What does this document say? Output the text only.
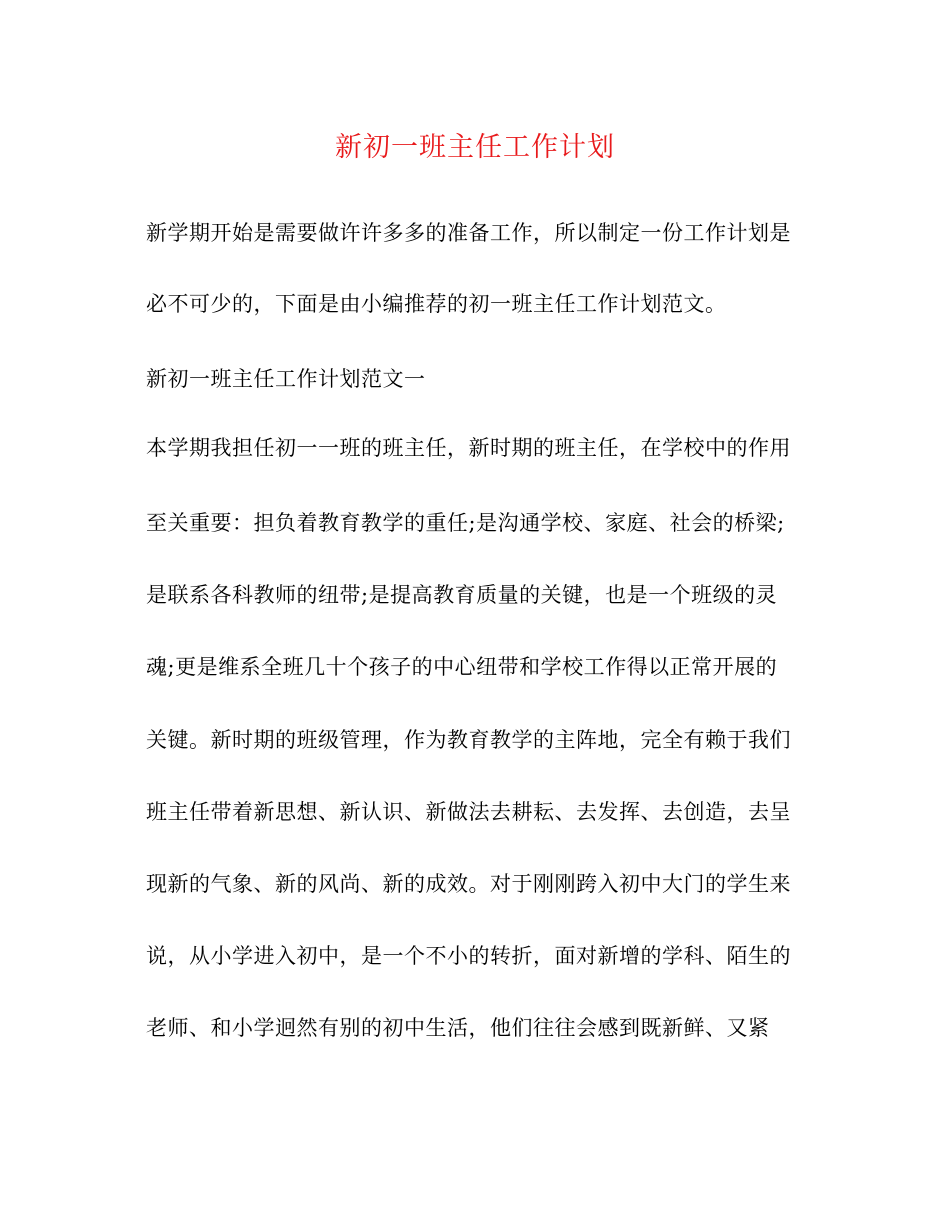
新初一班主任工作计划
新学期开始是需要做许许多多的准备工作，所以制定一份工作计划是
必不可少的，下面是由小编推荐的初一班主任工作计划范文。
新初一班主任工作计划范文一
本学期我担任初一一班的班主任，新时期的班主任，在学校中的作用
至关重要：担负着教育教学的重任;是沟通学校、家庭、社会的桥梁;
是联系各科教师的纽带;是提高教育质量的关键，也是一个班级的灵
魂;更是维系全班几十个孩子的中心纽带和学校工作得以正常开展的
关键。新时期的班级管理，作为教育教学的主阵地，完全有赖于我们
班主任带着新思想、新认识、新做法去耕耘、去发挥、去创造，去呈
现新的气象、新的风尚、新的成效。对于刚刚跨入初中大门的学生来
说，从小学进入初中，是一个不小的转折，面对新增的学科、陌生的
老师、和小学迥然有别的初中生活，他们往往会感到既新鲜、又紧
